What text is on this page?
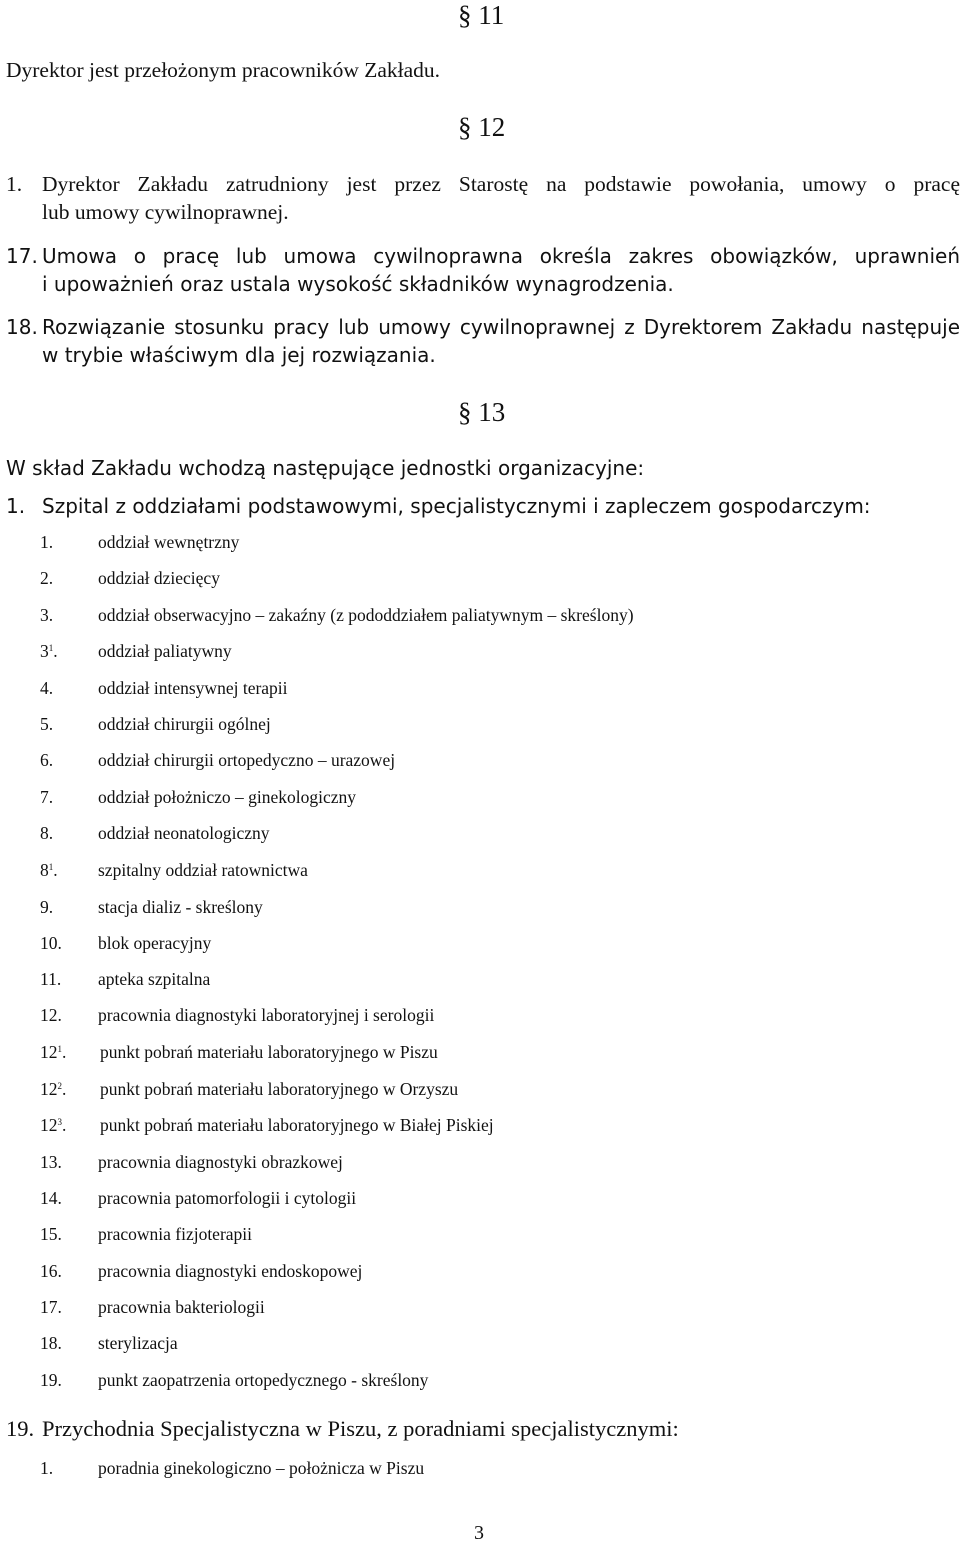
§ 11
Dyrektor jest przełożonym pracowników Zakładu.
§ 12
1. Dyrektor Zakładu zatrudniony jest przez Starostę na podstawie powołania, umowy o pracę
lub umowy cywilnoprawnej.
17. Umowa o pracę lub umowa cywilnoprawna określa zakres obowiązków, uprawnień
i upoważnień oraz ustala wysokość składników wynagrodzenia.
18. Rozwiązanie stosunku pracy lub umowy cywilnoprawnej z Dyrektorem Zakładu następuje
w trybie właściwym dla jej rozwiązania.
§ 13
W skład Zakładu wchodzą następujące jednostki organizacyjne:
1. Szpital z oddziałami podstawowymi, specjalistycznymi i zapleczem gospodarczym:
1.	oddział wewnętrzny
2.	oddział dziecięcy
3.	oddział obserwacyjno – zakaźny (z pododdziałem paliatywnym – skreślony)
$3^1$. oddział paliatywny
4.	oddział intensywnej terapii
5.	oddział chirurgii ogólnej
6.	oddział chirurgii ortopedyczno – urazowej
7.	oddział położniczo – ginekologiczny
8.	oddział neonatologiczny
$8^1$. szpitalny oddział ratownictwa
9.	stacja dializ - skreślony
10. blok operacyjny
11. apteka szpitalna
12. pracownia diagnostyki laboratoryjnej i serologii
$12^1$. punkt pobrań materiału laboratoryjnego w Piszu
$12^2$. punkt pobrań materiału laboratoryjnego w Orzyszu
$12^3$. punkt pobrań materiału laboratoryjnego w Białej Piskiej
13. pracownia diagnostyki obrazkowej
14. pracownia patomorfologii i cytologii
15. pracownia fizjoterapii
16. pracownia diagnostyki endoskopowej
17. pracownia bakteriologii
18. sterylizacja
19. punkt zaopatrzenia ortopedycznego - skreślony
19. Przychodnia Specjalistyczna w Piszu, z poradniami specjalistycznymi:
1.	poradnia ginekologiczno – położnicza w Piszu
3
